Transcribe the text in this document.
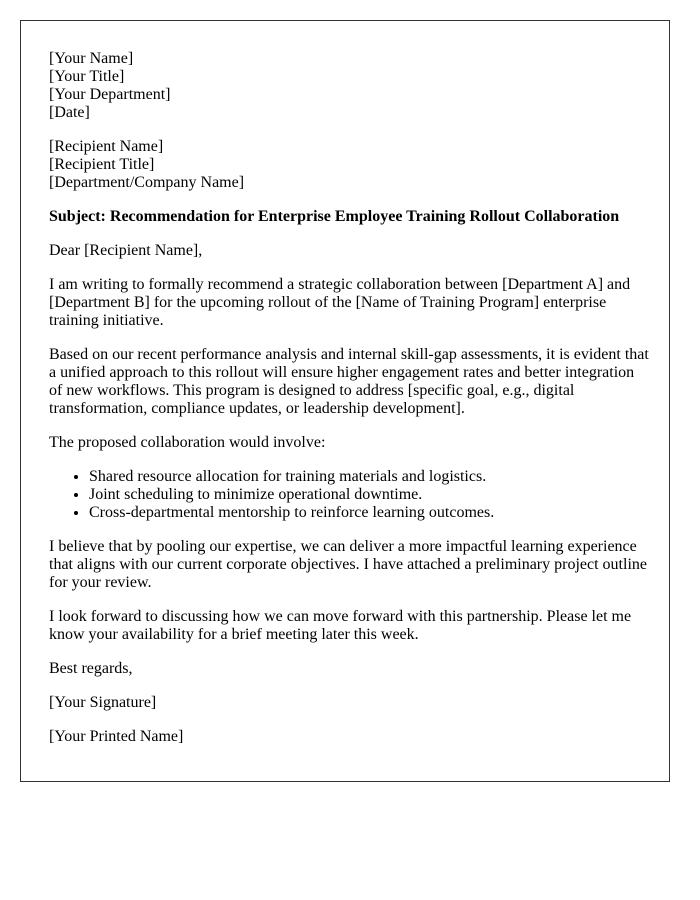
[Your Name]
[Your Title]
[Your Department]
[Date]
[Recipient Name]
[Recipient Title]
[Department/Company Name]
Subject: Recommendation for Enterprise Employee Training Rollout Collaboration

Dear [Recipient Name],

I am writing to formally recommend a strategic collaboration between [Department A] and [Department B] for the upcoming rollout of the [Name of Training Program] enterprise training initiative.

Based on our recent performance analysis and internal skill-gap assessments, it is evident that a unified approach to this rollout will ensure higher engagement rates and better integration of new workflows. This program is designed to address [specific goal, e.g., digital transformation, compliance updates, or leadership development].

The proposed collaboration would involve:

• Shared resource allocation for training materials and logistics.
• Joint scheduling to minimize operational downtime.
• Cross-departmental mentorship to reinforce learning outcomes.

I believe that by pooling our expertise, we can deliver a more impactful learning experience that aligns with our current corporate objectives. I have attached a preliminary project outline for your review.

I look forward to discussing how we can move forward with this partnership. Please let me know your availability for a brief meeting later this week.

Best regards,

[Your Signature]

[Your Printed Name]
